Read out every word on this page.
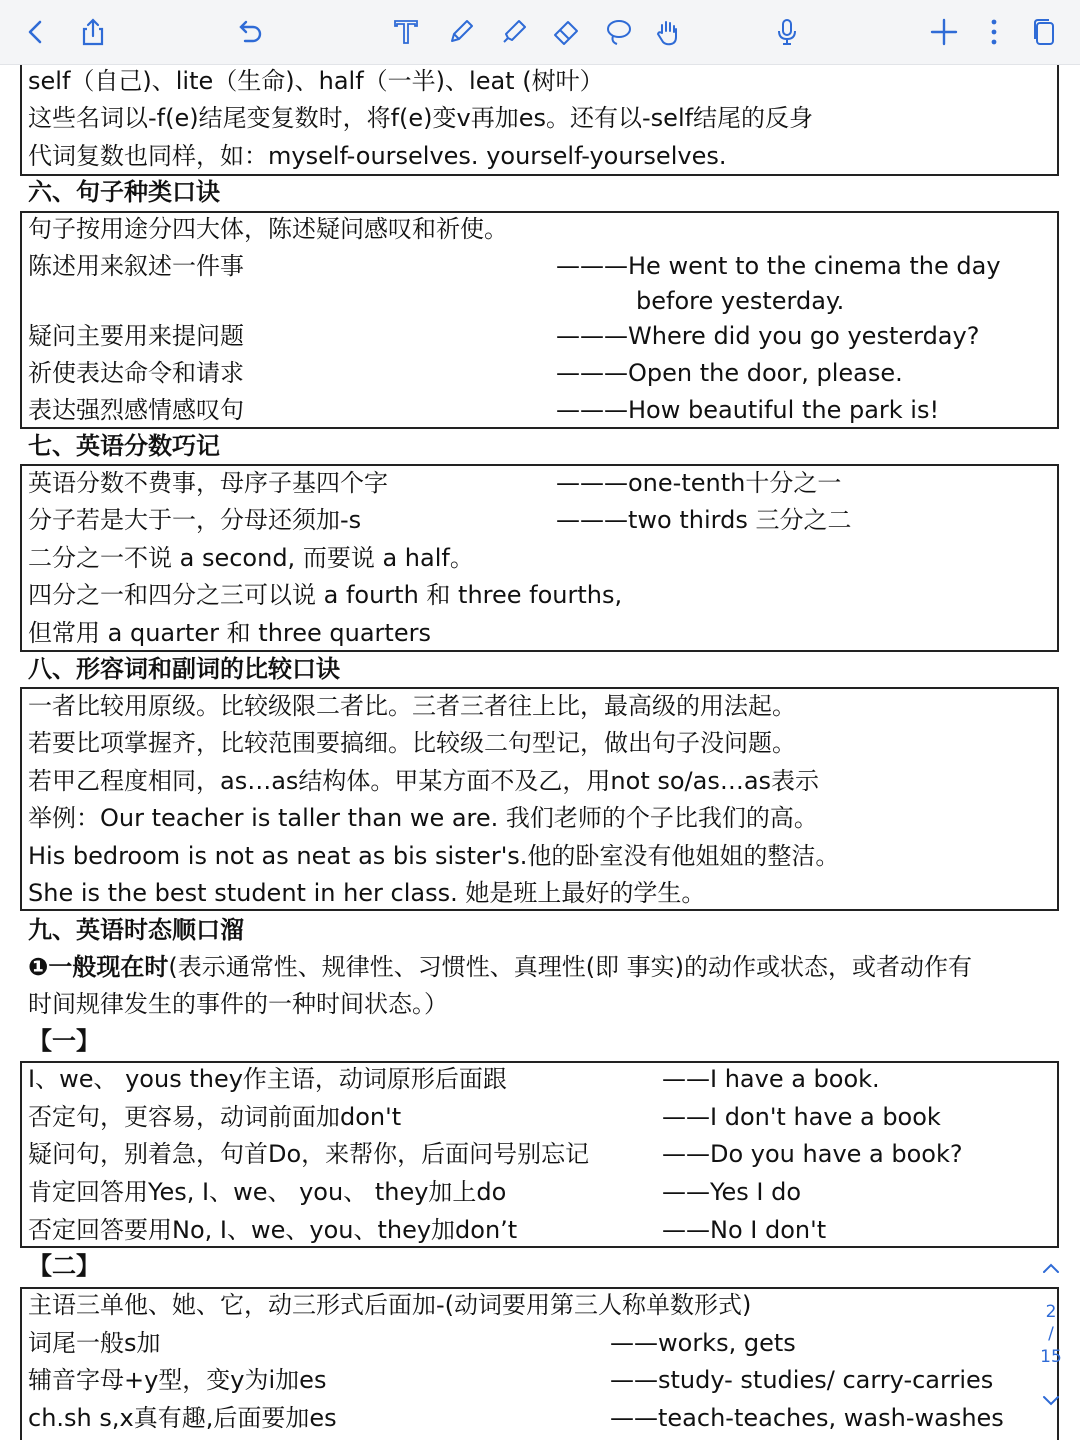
self（自己)、lite（生命)、half（一半)、leat (树叶）
这些名词以-f(e)结尾变复数时，将f(e)变v再加es。还有以-self结尾的反身
代词复数也同样，如：myself-ourselves. yourself-yourselves.
六、句子种类口诀
句子按用途分四大体，陈述疑问感叹和祈使。
陈述用来叙述一件事	———He went to the cinema the day
before yesterday.
疑问主要用来提问题	———Where did you go yesterday?
祈使表达命令和请求	———Open the door, please.
表达强烈感情感叹句	———How beautiful the park is!
七、英语分数巧记
英语分数不费事，母序子基四个字	———one-tenth十分之一
分子若是大于一，分母还须加-s	———two thirds 三分之二
二分之一不说 a second, 而要说 a half。
四分之一和四分之三可以说 a fourth 和 three fourths,
但常用 a quarter 和 three quarters
八、形容词和副词的比较口诀
一者比较用原级。比较级限二者比。三者三者往上比，最高级的用法起。
若要比项掌握齐，比较范围要搞细。比较级二句型记，做出句子没问题。
若甲乙程度相同，as…as结构体。甲某方面不及乙，用not so/as…as表示
举例：Our teacher is taller than we are. 我们老师的个子比我们的高。
His bedroom is not as neat as bis sister's.他的卧室没有他姐姐的整洁。
She is the best student in her class. 她是班上最好的学生。
九、英语时态顺口溜
❶一般现在时(表示通常性、规律性、习惯性、真理性(即 事实)的动作或状态，或者动作有
时间规律发生的事件的一种时间状态。）
【一】
I、we、 yous they作主语，动词原形后面跟	——I have a book.
否定句，更容易，动词前面加don't	——I don't have a book
疑问句，别着急，句首Do，来帮你，后面问号别忘记	——Do you have a book?
肯定回答用Yes, I、we、 you、 they加上do	——Yes I do
否定回答要用No, I、we、you、they加don’t	——No I don't
【二】
主语三单他、她、它，动三形式后面加-(动词要用第三人称单数形式)
词尾一般s加	——works, gets
辅音字母+y型，变y为i加es	——study- studies/ carry-carries
ch.sh s,x真有趣,后面要加es	——teach-teaches, wash-washes
2
/
15
